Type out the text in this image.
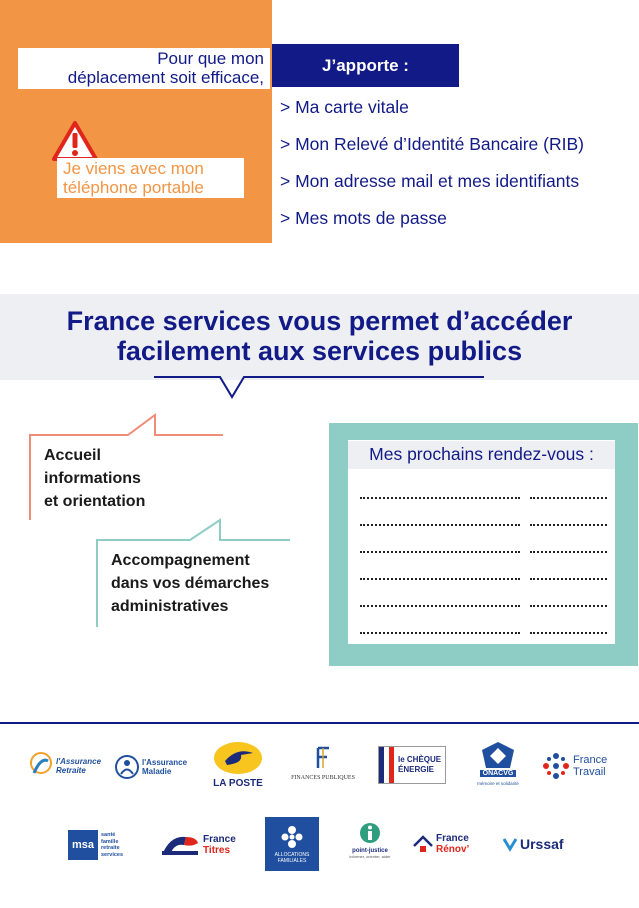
Pour que mon
déplacement soit efficace,
Je viens avec mon
téléphone portable
J’apporte :
> Ma carte vitale
> Mon Relevé d’Identité Bancaire (RIB)
> Mon adresse mail et mes identifiants
> Mes mots de passe
France services vous permet d’accéder
facilement aux services publics
Accueil
informations
et orientation
Accompagnement
dans vos démarches
administratives
Mes prochains rendez-vous :
l'Assurance
Retraite
l'Assurance
Maladie
LA POSTE	FINANCES PUBLIQUES
le CHÈQUE
ÉNERGIE	ONACVG
mémoire et solidarité
France
Travail
msa
santé
famille
retraite
services
France
Titres	ALLOCATIONS
FAMILIALES
point-justice
informer, orienter, aider
France
Rénov’	Urssaf
